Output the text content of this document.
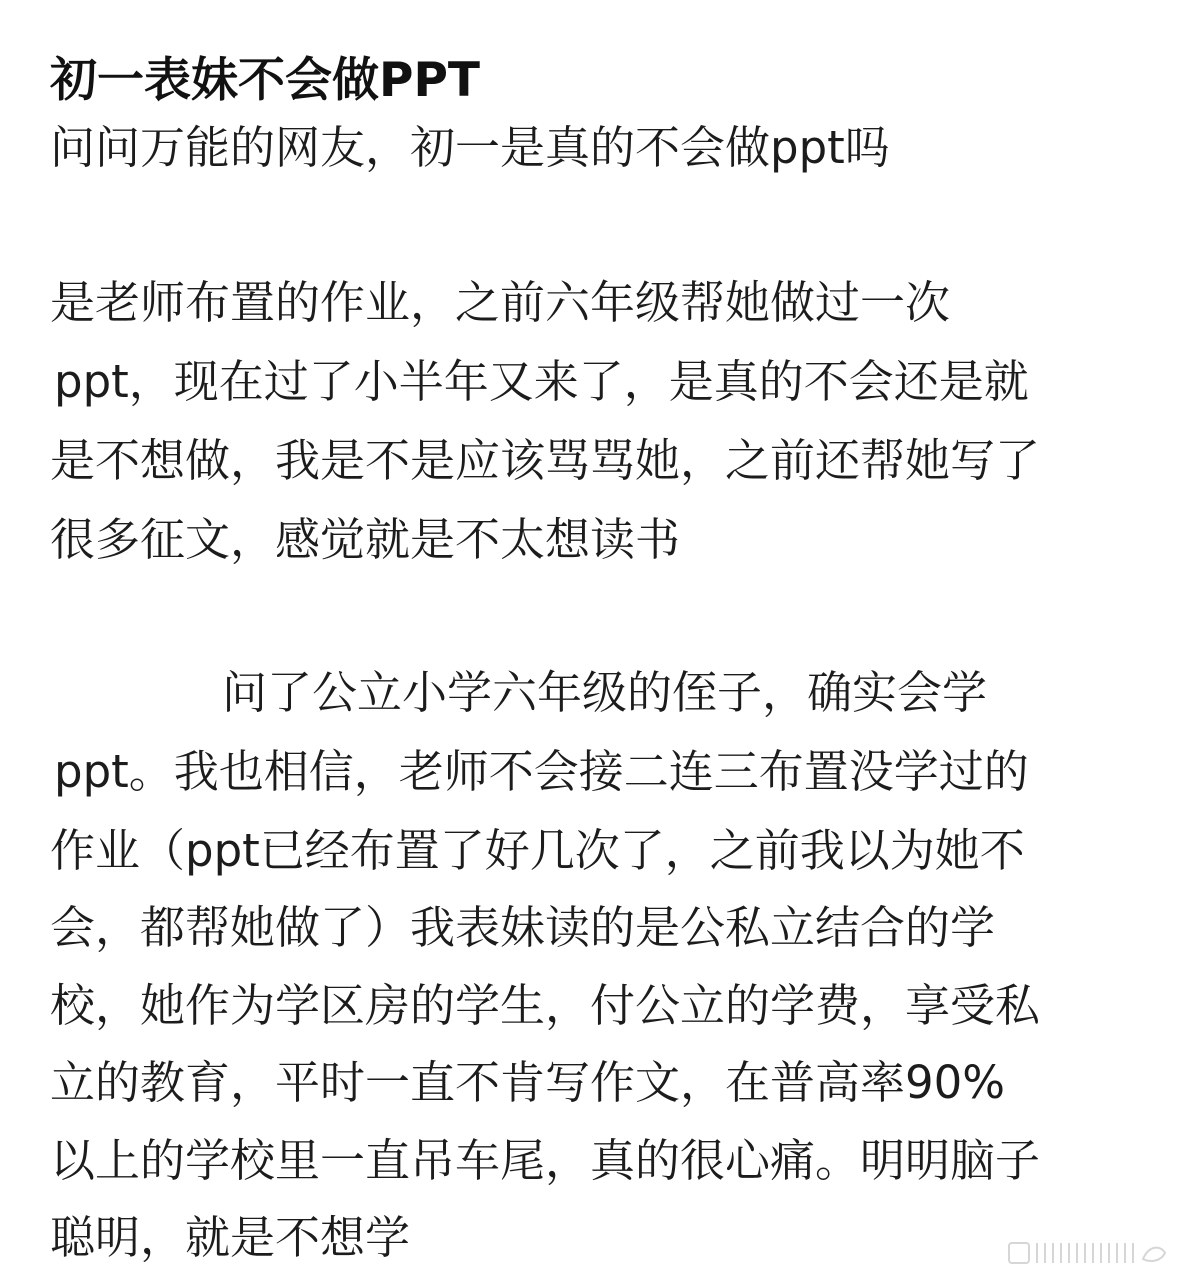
初一表妹不会做PPT

问问万能的网友，初一是真的不会做ppt吗

是老师布置的作业，之前六年级帮她做过一次

ppt，现在过了小半年又来了，是真的不会还是就

是不想做，我是不是应该骂骂她，之前还帮她写了

很多征文，感觉就是不太想读书

问了公立小学六年级的侄子，确实会学

ppt。我也相信，老师不会接二连三布置没学过的

作业（ppt已经布置了好几次了，之前我以为她不

会，都帮她做了）我表妹读的是公私立结合的学

校，她作为学区房的学生，付公立的学费，享受私

立的教育，平时一直不肯写作文，在普高率90%

以上的学校里一直吊车尾，真的很心痛。明明脑子

聪明，就是不想学
